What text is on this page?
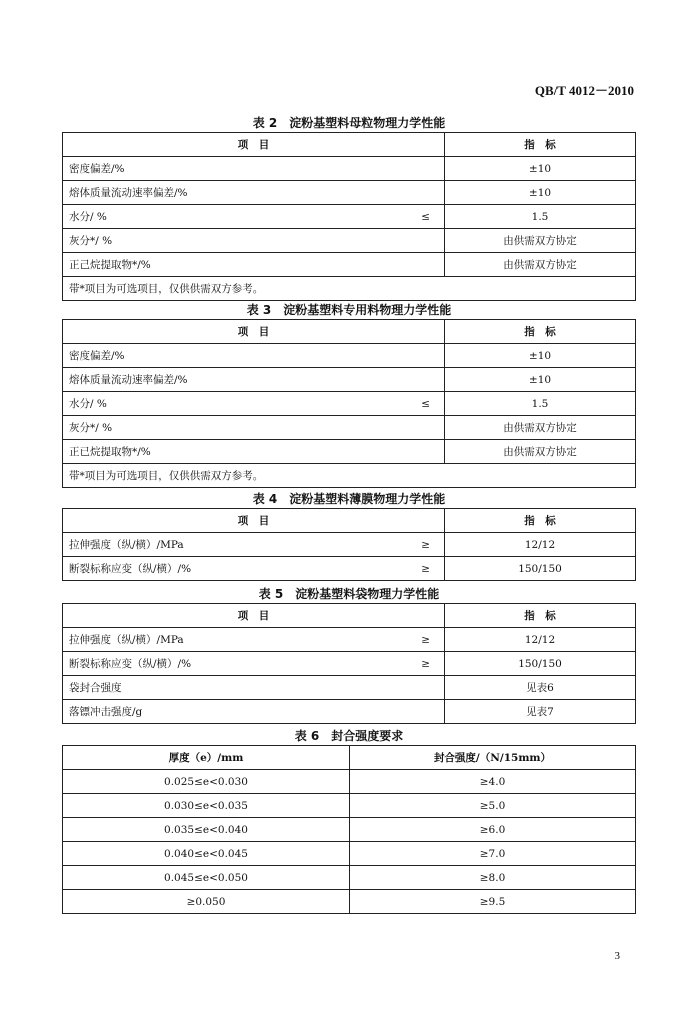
QB/T 4012－2010
表 2　淀粉基塑料母粒物理力学性能
项　目		指　标
密度偏差/%		±10
熔体质量流动速率偏差/%		±10
水分/ %	≤	1.5
灰分*/ %		由供需双方协定
正己烷提取物*/%		由供需双方协定
带*项目为可选项目，仅供供需双方参考。		
表 3　淀粉基塑料专用料物理力学性能
项　目		指　标
密度偏差/%		±10
熔体质量流动速率偏差/%		±10
水分/ %	≤	1.5
灰分*/ %		由供需双方协定
正已烷提取物*/%		由供需双方协定
带*项目为可选项目，仅供供需双方参考。		
表 4　淀粉基塑料薄膜物理力学性能
项　目		指　标
拉伸强度（纵/横）/MPa	≥	12/12
断裂标称应变（纵/横）/%	≥	150/150
表 5　淀粉基塑料袋物理力学性能
项　目		指　标
拉伸强度（纵/横）/MPa	≥	12/12
断裂标称应变（纵/横）/%	≥	150/150
袋封合强度		见表6
落镖冲击强度/g		见表7
表 6　封合强度要求
厚度（e）/mm	封合强度/（N/15mm）
0.025≤e<0.030	≥4.0
0.030≤e<0.035	≥5.0
0.035≤e<0.040	≥6.0
0.040≤e<0.045	≥7.0
0.045≤e<0.050	≥8.0
≥0.050	≥9.5
3
